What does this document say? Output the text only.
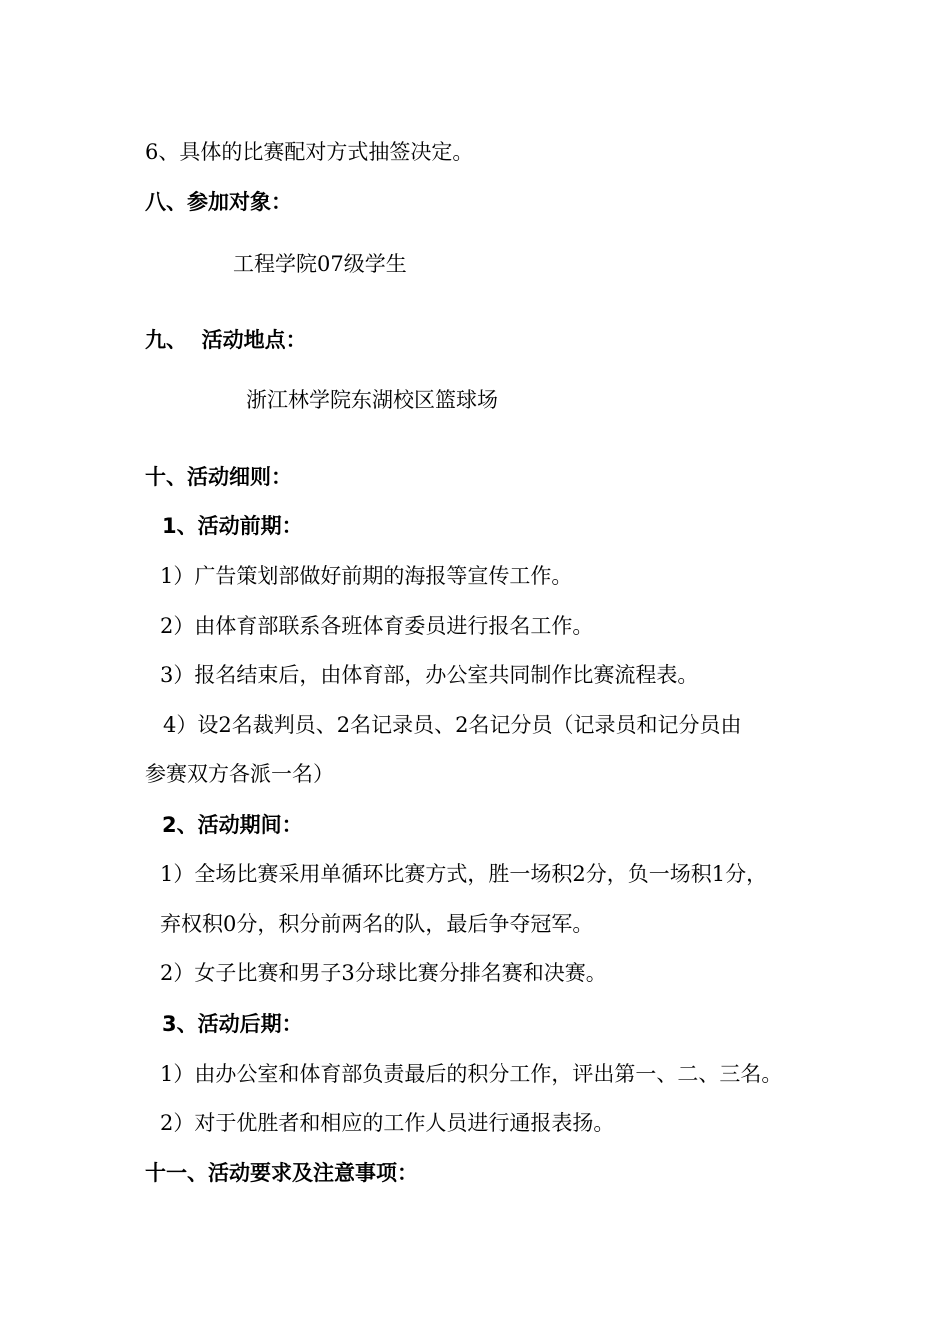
6、具体的比赛配对方式抽签决定。
八、参加对象：
工程学院07级学生
九、  活动地点：
浙江林学院东湖校区篮球场
十、活动细则：
1、活动前期：
1）广告策划部做好前期的海报等宣传工作。
2）由体育部联系各班体育委员进行报名工作。
3）报名结束后，由体育部，办公室共同制作比赛流程表。
4）设2名裁判员、2名记录员、2名记分员（记录员和记分员由
参赛双方各派一名）
2、活动期间：
1）全场比赛采用单循环比赛方式，胜一场积2分，负一场积1分，
弃权积0分，积分前两名的队，最后争夺冠军。
2）女子比赛和男子3分球比赛分排名赛和决赛。
3、活动后期：
1）由办公室和体育部负责最后的积分工作，评出第一、二、三名。
2）对于优胜者和相应的工作人员进行通报表扬。
十一、活动要求及注意事项：
